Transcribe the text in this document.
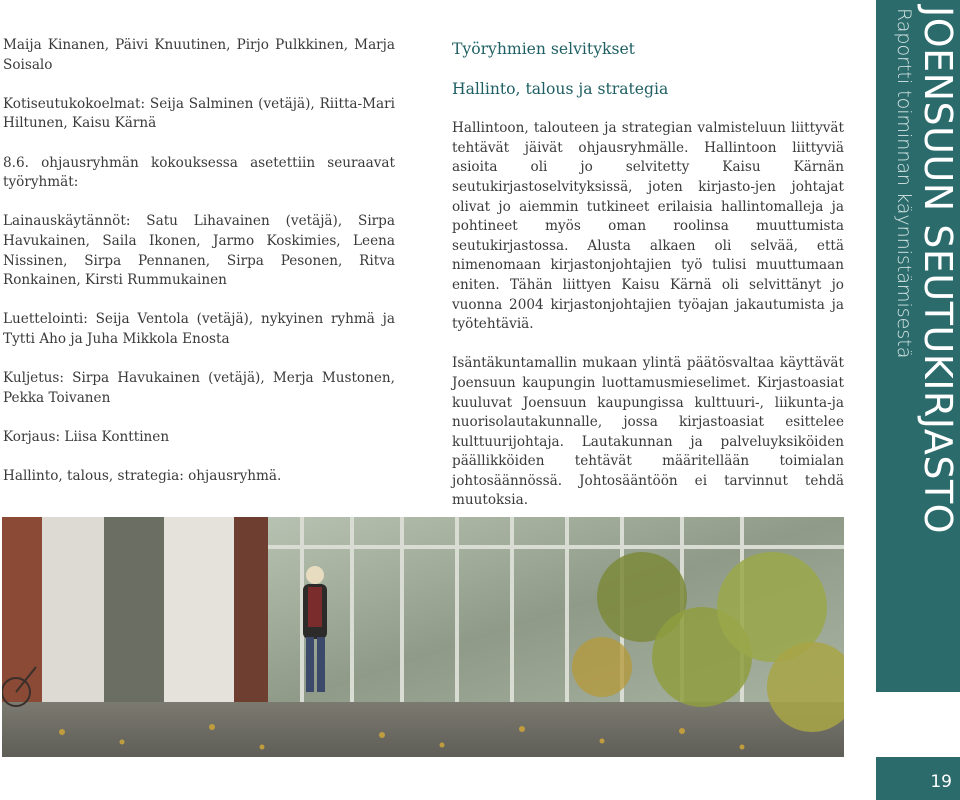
Maija Kinanen, Päivi Knuutinen, Pirjo Pulkkinen, Marja Soisalo

Kotiseutukokoelmat: Seija Salminen (vetäjä), Riitta-Mari Hiltunen, Kaisu Kärnä

8.6. ohjausryhmän kokouksessa asetettiin seuraavat työryhmät:

Lainauskäytännöt: Satu Lihavainen (vetäjä), Sirpa Havukainen, Saila Ikonen, Jarmo Koskimies, Leena Nissinen, Sirpa Pennanen, Sirpa Pesonen, Ritva Ronkainen, Kirsti Rummukainen

Luettelointi: Seija Ventola (vetäjä), nykyinen ryhmä ja Tytti Aho ja Juha Mikkola Enosta

Kuljetus: Sirpa Havukainen (vetäjä), Merja Mustonen, Pekka Toivanen

Korjaus: Liisa Konttinen

Hallinto, talous, strategia: ohjausryhmä.

Työryhmien selvitykset
Hallinto, talous ja strategia

Hallintoon, talouteen ja strategian valmisteluun liittyvät tehtävät jäivät ohjausryhmälle. Hallintoon liittyviä asioita oli jo selvitetty Kaisu Kärnän seutukirjastoselvityksissä, joten kirjasto-jen johtajat olivat jo aiemmin tutkineet erilaisia hallintomalleja ja pohtineet myös oman roolinsa muuttumista seutukirjastossa. Alusta alkaen oli selvää, että nimenomaan kirjastonjohtajien työ tulisi muuttumaan eniten. Tähän liittyen Kaisu Kärnä oli selvittänyt jo vuonna 2004 kirjastonjohtajien työajan jakautumista ja työtehtäviä.

Isäntäkuntamallin mukaan ylintä päätösvaltaa käyttävät Joensuun kaupungin luottamusmieselimet. Kirjastoasiat kuuluvat Joensuun kaupungissa kulttuuri-, liikunta-ja nuorisolautakunnalle, jossa kirjastoasiat esittelee kulttuurijohtaja. Lautakunnan ja palveluyksiköiden päällikköiden tehtävät määritellään toimialan johtosäännössä. Johtosääntöön ei tarvinnut tehdä muutoksia.	JOENSUUN SEUTUKIRJASTO
Raportti toiminnan käynnistämisestä
19
